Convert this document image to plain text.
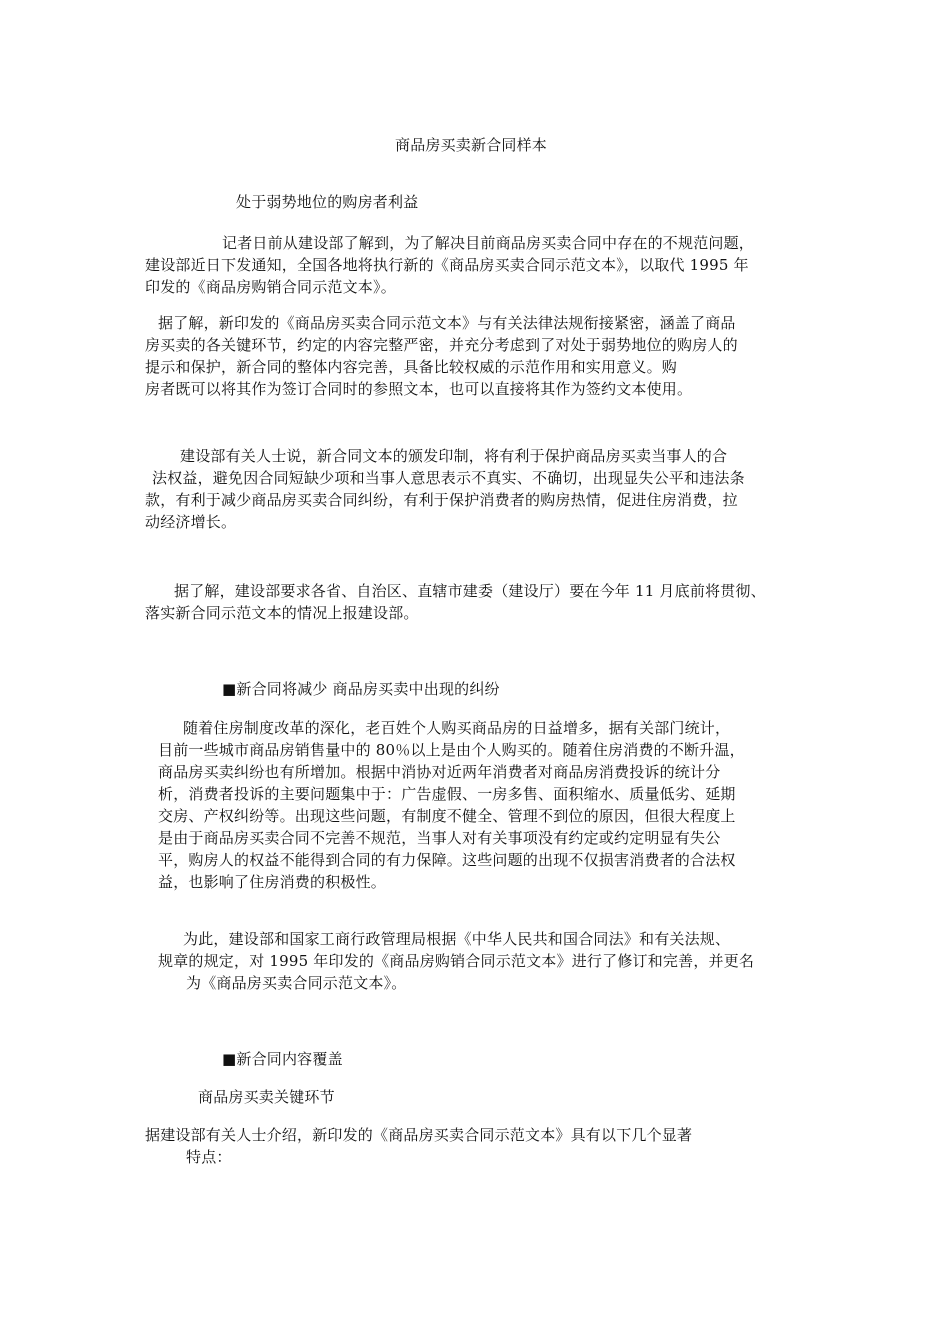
商品房买卖新合同样本
处于弱势地位的购房者利益
记者日前从建设部了解到，为了解决目前商品房买卖合同中存在的不规范问题，
建设部近日下发通知，全国各地将执行新的《商品房买卖合同示范文本》，以取代 1995 年
印发的《商品房购销合同示范文本》。
据了解，新印发的《商品房买卖合同示范文本》与有关法律法规衔接紧密，涵盖了商品
房买卖的各关键环节，约定的内容完整严密，并充分考虑到了对处于弱势地位的购房人的
提示和保护，新合同的整体内容完善，具备比较权威的示范作用和实用意义。购
房者既可以将其作为签订合同时的参照文本，也可以直接将其作为签约文本使用。
建设部有关人士说，新合同文本的颁发印制，将有利于保护商品房买卖当事人的合
法权益，避免因合同短缺少项和当事人意思表示不真实、不确切，出现显失公平和违法条
款，有利于减少商品房买卖合同纠纷，有利于保护消费者的购房热情，促进住房消费，拉
动经济增长。
据了解，建设部要求各省、自治区、直辖市建委（建设厅）要在今年 11 月底前将贯彻、
落实新合同示范文本的情况上报建设部。
■新合同将减少 商品房买卖中出现的纠纷
随着住房制度改革的深化，老百姓个人购买商品房的日益增多，据有关部门统计，
目前一些城市商品房销售量中的 80％以上是由个人购买的。随着住房消费的不断升温，
商品房买卖纠纷也有所增加。根据中消协对近两年消费者对商品房消费投诉的统计分
析，消费者投诉的主要问题集中于：广告虚假、一房多售、面积缩水、质量低劣、延期
交房、产权纠纷等。出现这些问题，有制度不健全、管理不到位的原因，但很大程度上
是由于商品房买卖合同不完善不规范，当事人对有关事项没有约定或约定明显有失公
平，购房人的权益不能得到合同的有力保障。这些问题的出现不仅损害消费者的合法权
益，也影响了住房消费的积极性。
为此，建设部和国家工商行政管理局根据《中华人民共和国合同法》和有关法规、
规章的规定，对 1995 年印发的《商品房购销合同示范文本》进行了修订和完善，并更名
为《商品房买卖合同示范文本》。
■新合同内容覆盖
商品房买卖关键环节
据建设部有关人士介绍，新印发的《商品房买卖合同示范文本》具有以下几个显著
特点：
